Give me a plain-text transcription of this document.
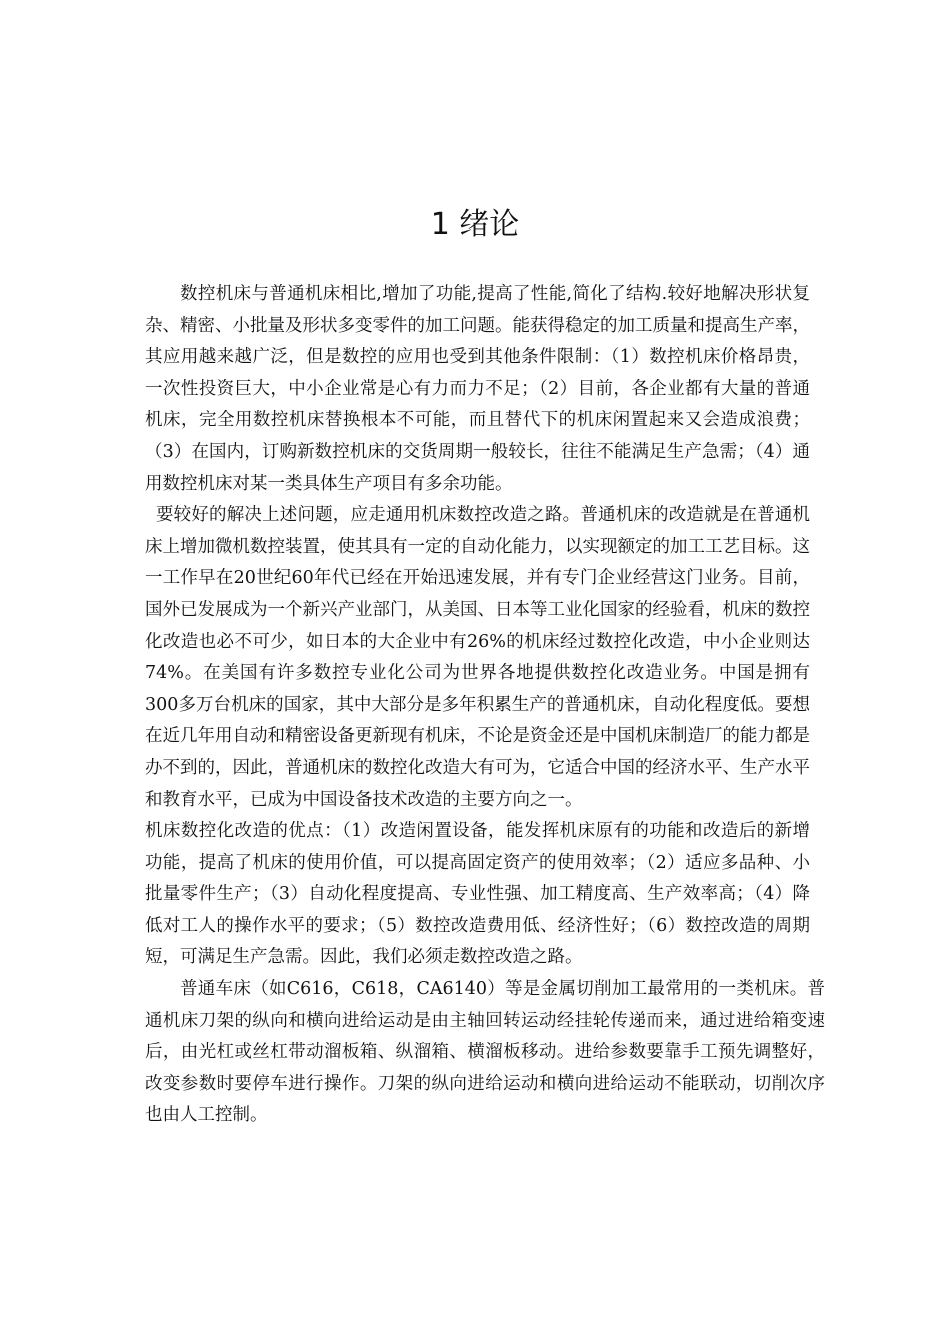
1 绪论

数控机床与普通机床相比,增加了功能,提高了性能,简化了结构.较好地解决形状复杂、精密、小批量及形状多变零件的加工问题。能获得稳定的加工质量和提高生产率，其应用越来越广泛，但是数控的应用也受到其他条件限制：（1）数控机床价格昂贵，一次性投资巨大，中小企业常是心有力而力不足；（2）目前，各企业都有大量的普通机床，完全用数控机床替换根本不可能，而且替代下的机床闲置起来又会造成浪费；（3）在国内，订购新数控机床的交货周期一般较长，往往不能满足生产急需；（4）通用数控机床对某一类具体生产项目有多余功能。

要较好的解决上述问题，应走通用机床数控改造之路。普通机床的改造就是在普通机床上增加微机数控装置，使其具有一定的自动化能力，以实现额定的加工工艺目标。这一工作早在20世纪60年代已经在开始迅速发展，并有专门企业经营这门业务。目前，国外已发展成为一个新兴产业部门，从美国、日本等工业化国家的经验看，机床的数控化改造也必不可少，如日本的大企业中有26%的机床经过数控化改造，中小企业则达74%。在美国有许多数控专业化公司为世界各地提供数控化改造业务。中国是拥有300多万台机床的国家，其中大部分是多年积累生产的普通机床，自动化程度低。要想在近几年用自动和精密设备更新现有机床，不论是资金还是中国机床制造厂的能力都是办不到的，因此，普通机床的数控化改造大有可为，它适合中国的经济水平、生产水平和教育水平，已成为中国设备技术改造的主要方向之一。

机床数控化改造的优点：（1）改造闲置设备，能发挥机床原有的功能和改造后的新增功能，提高了机床的使用价值，可以提高固定资产的使用效率；（2）适应多品种、小批量零件生产；（3）自动化程度提高、专业性强、加工精度高、生产效率高；（4）降低对工人的操作水平的要求；（5）数控改造费用低、经济性好；（6）数控改造的周期短，可满足生产急需。因此，我们必须走数控改造之路。

普通车床（如C616，C618，CA6140）等是金属切削加工最常用的一类机床。普通机床刀架的纵向和横向进给运动是由主轴回转运动经挂轮传递而来，通过进给箱变速后，由光杠或丝杠带动溜板箱、纵溜箱、横溜板移动。进给参数要靠手工预先调整好，改变参数时要停车进行操作。刀架的纵向进给运动和横向进给运动不能联动，切削次序也由人工控制。
